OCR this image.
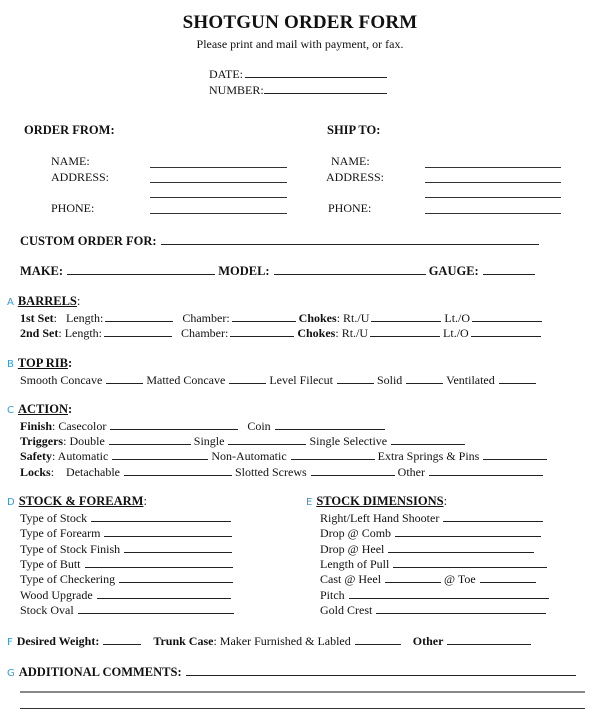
SHOTGUN ORDER FORM
Please print and mail with payment, or fax.
DATE:
NUMBER:
ORDER FROM:
NAME:
ADDRESS:
PHONE:
SHIP TO:
NAME:
ADDRESS:
PHONE:
CUSTOM ORDER FOR:
MAKE:	MODEL:	GAUGE:
A BARRELS:
1st Set:   Length:	Chamber:	Chokes: Rt./U	Lt./O
2nd Set: Length:	Chamber:	Chokes: Rt./U	Lt./O
B TOP RIB:
Smooth Concave	Matted Concave	Level Filecut	Solid	Ventilated
C ACTION:
Finish: Casecolor	Coin
Triggers: Double	Single	Single Selective
Safety: Automatic	Non-Automatic	Extra Springs & Pins
Locks:    Detachable	Slotted Screws	Other
D STOCK & FOREARM:
Type of Stock
Type of Forearm
Type of Stock Finish
Type of Butt
Type of Checkering
Wood Upgrade
Stock Oval
E STOCK DIMENSIONS:
Right/Left Hand Shooter
Drop @ Comb
Drop @ Heel
Length of Pull
Cast @ Heel	@ Toe
Pitch
Gold Crest
F Desired Weight:	Trunk Case: Maker Furnished & Labled	Other
G ADDITIONAL COMMENTS:
